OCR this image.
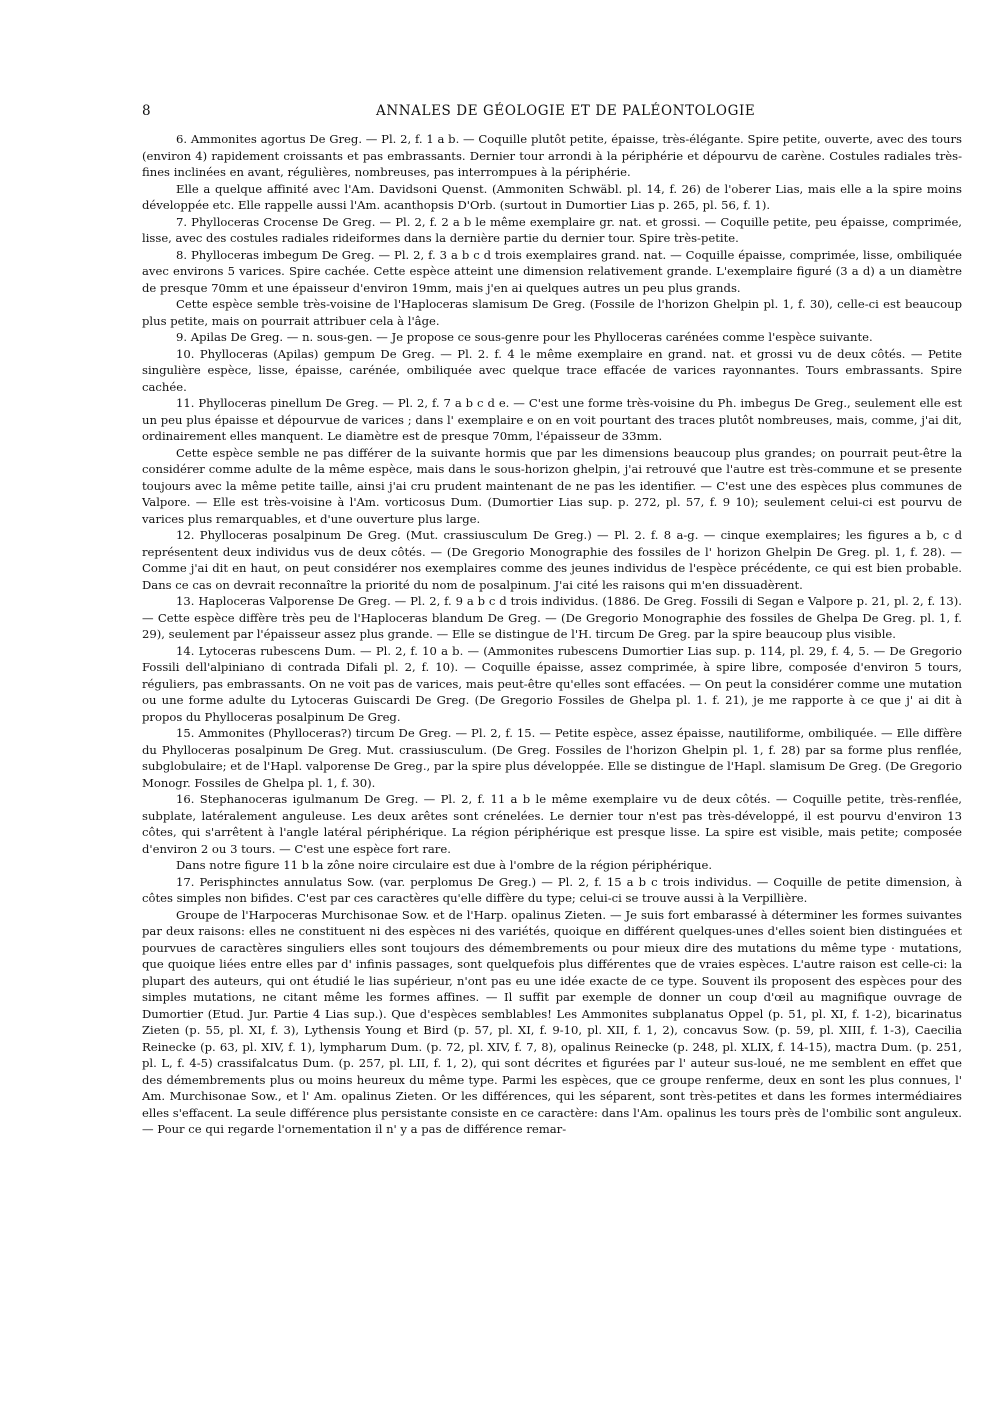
8	ANNALES DE GÉOLOGIE ET DE PALÉONTOLOGIE

6. Ammonites agortus De Greg. — Pl. 2, f. 1 a b. — Coquille plutôt petite, épaisse, très-élégante. Spire petite, ouverte, avec des tours (environ 4) rapidement croissants et pas embrassants. Dernier tour arrondi à la périphérie et dépourvu de carène. Costules radiales très-fines inclinées en avant, régulières, nombreuses, pas interrompues à la périphérie.

Elle a quelque affinité avec l'Am. Davidsoni Quenst. (Ammoniten Schwäbl. pl. 14, f. 26) de l'oberer Lias, mais elle a la spire moins développée etc. Elle rappelle aussi l'Am. acanthopsis D'Orb. (surtout in Dumortier Lias p. 265, pl. 56, f. 1).

7. Phylloceras Crocense De Greg. — Pl. 2, f. 2 a b le même exemplaire gr. nat. et grossi. — Coquille petite, peu épaisse, comprimée, lisse, avec des costules radiales rideiformes dans la dernière partie du dernier tour. Spire très-petite.

8. Phylloceras imbegum De Greg. — Pl. 2, f. 3 a b c d trois exemplaires grand. nat. — Coquille épaisse, comprimée, lisse, ombiliquée avec environs 5 varices. Spire cachée. Cette espèce atteint une dimension relativement grande. L'exemplaire figuré (3 a d) a un diamètre de presque 70mm et une épaisseur d'environ 19mm, mais j'en ai quelques autres un peu plus grands.

Cette espèce semble très-voisine de l'Haploceras slamisum De Greg. (Fossile de l'horizon Ghelpin pl. 1, f. 30), celle-ci est beaucoup plus petite, mais on pourrait attribuer cela à l'âge.

9. Apilas De Greg. — n. sous-gen. — Je propose ce sous-genre pour les Phylloceras carénées comme l'espèce suivante.

10. Phylloceras (Apilas) gempum De Greg. — Pl. 2. f. 4 le même exemplaire en grand. nat. et grossi vu de deux côtés. — Petite singulière espèce, lisse, épaisse, carénée, ombiliquée avec quelque trace effacée de varices rayonnantes. Tours embrassants. Spire cachée.

11. Phylloceras pinellum De Greg. — Pl. 2, f. 7 a b c d e. — C'est une forme très-voisine du Ph. imbegus De Greg., seulement elle est un peu plus épaisse et dépourvue de varices ; dans l' exemplaire e on en voit pourtant des traces plutôt nombreuses, mais, comme, j'ai dit, ordinairement elles manquent. Le diamètre est de presque 70mm, l'épaisseur de 33mm.

Cette espèce semble ne pas différer de la suivante hormis que par les dimensions beaucoup plus grandes; on pourrait peut-être la considérer comme adulte de la même espèce, mais dans le sous-horizon ghelpin, j'ai retrouvé que l'autre est très-commune et se presente toujours avec la même petite taille, ainsi j'ai cru prudent maintenant de ne pas les identifier. — C'est une des espèces plus communes de Valpore. — Elle est très-voisine à l'Am. vorticosus Dum. (Dumortier Lias sup. p. 272, pl. 57, f. 9 10); seulement celui-ci est pourvu de varices plus remarquables, et d'une ouverture plus large.

12. Phylloceras posalpinum De Greg. (Mut. crassiusculum De Greg.) — Pl. 2. f. 8 a-g. — cinque exemplaires; les figures a b, c d représentent deux individus vus de deux côtés. — (De Gregorio Monographie des fossiles de l' horizon Ghelpin De Greg. pl. 1, f. 28). — Comme j'ai dit en haut, on peut considérer nos exemplaires comme des jeunes individus de l'espèce précédente, ce qui est bien probable. Dans ce cas on devrait reconnaître la priorité du nom de posalpinum. J'ai cité les raisons qui m'en dissuadèrent.

13. Haploceras Valporense De Greg. — Pl. 2, f. 9 a b c d trois individus. (1886. De Greg. Fossili di Segan e Valpore p. 21, pl. 2, f. 13). — Cette espèce diffère très peu de l'Haploceras blandum De Greg. — (De Gregorio Monographie des fossiles de Ghelpa De Greg. pl. 1, f. 29), seulement par l'épaisseur assez plus grande. — Elle se distingue de l'H. tircum De Greg. par la spire beaucoup plus visible.

14. Lytoceras rubescens Dum. — Pl. 2, f. 10 a b. — (Ammonites rubescens Dumortier Lias sup. p. 114, pl. 29, f. 4, 5. — De Gregorio Fossili dell'alpiniano di contrada Difali pl. 2, f. 10). — Coquille épaisse, assez comprimée, à spire libre, composée d'environ 5 tours, réguliers, pas embrassants. On ne voit pas de varices, mais peut-être qu'elles sont effacées. — On peut la considérer comme une mutation ou une forme adulte du Lytoceras Guiscardi De Greg. (De Gregorio Fossiles de Ghelpa pl. 1. f. 21), je me rapporte à ce que j' ai dit à propos du Phylloceras posalpinum De Greg.

15. Ammonites (Phylloceras?) tircum De Greg. — Pl. 2, f. 15. — Petite espèce, assez épaisse, nautiliforme, ombiliquée. — Elle diffère du Phylloceras posalpinum De Greg. Mut. crassiusculum. (De Greg. Fossiles de l'horizon Ghelpin pl. 1, f. 28) par sa forme plus renflée, subglobulaire; et de l'Hapl. valporense De Greg., par la spire plus développée. Elle se distingue de l'Hapl. slamisum De Greg. (De Gregorio Monogr. Fossiles de Ghelpa pl. 1, f. 30).

16. Stephanoceras igulmanum De Greg. — Pl. 2, f. 11 a b le même exemplaire vu de deux côtés. — Coquille petite, très-renflée, subplate, latéralement anguleuse. Les deux arêtes sont crénelées. Le dernier tour n'est pas très-développé, il est pourvu d'environ 13 côtes, qui s'arrêtent à l'angle latéral périphérique. La région périphérique est presque lisse. La spire est visible, mais petite; composée d'environ 2 ou 3 tours. — C'est une espèce fort rare.

Dans notre figure 11 b la zône noire circulaire est due à l'ombre de la région périphérique.

17. Perisphinctes annulatus Sow. (var. perplomus De Greg.) — Pl. 2, f. 15 a b c trois individus. — Coquille de petite dimension, à côtes simples non bifides. C'est par ces caractères qu'elle diffère du type; celui-ci se trouve aussi à la Verpillière.

Groupe de l'Harpoceras Murchisonae Sow. et de l'Harp. opalinus Zieten. — Je suis fort embarassé à déterminer les formes suivantes par deux raisons: elles ne constituent ni des espèces ni des variétés, quoique en différent quelques-unes d'elles soient bien distinguées et pourvues de caractères singuliers elles sont toujours des démembrements ou pour mieux dire des mutations du même type · mutations, que quoique liées entre elles par d' infinis passages, sont quelquefois plus différentes que de vraies espèces. L'autre raison est celle-ci: la plupart des auteurs, qui ont étudié le lias supérieur, n'ont pas eu une idée exacte de ce type. Souvent ils proposent des espèces pour des simples mutations, ne citant même les formes affines. — Il suffit par exemple de donner un coup d'œil au magnifique ouvrage de Dumortier (Etud. Jur. Partie 4 Lias sup.). Que d'espèces semblables! Les Ammonites subplanatus Oppel (p. 51, pl. XI, f. 1-2), bicarinatus Zieten (p. 55, pl. XI, f. 3), Lythensis Young et Bird (p. 57, pl. XI, f. 9-10, pl. XII, f. 1, 2), concavus Sow. (p. 59, pl. XIII, f. 1-3), Caecilia Reinecke (p. 63, pl. XIV, f. 1), lympharum Dum. (p. 72, pl. XIV, f. 7, 8), opalinus Reinecke (p. 248, pl. XLIX, f. 14-15), mactra Dum. (p. 251, pl. L, f. 4-5) crassifalcatus Dum. (p. 257, pl. LII, f. 1, 2), qui sont décrites et figurées par l' auteur sus-loué, ne me semblent en effet que des démembrements plus ou moins heureux du même type. Parmi les espèces, que ce groupe renferme, deux en sont les plus connues, l' Am. Murchisonae Sow., et l' Am. opalinus Zieten. Or les différences, qui les séparent, sont très-petites et dans les formes intermédiaires elles s'effacent. La seule différence plus persistante consiste en ce caractère: dans l'Am. opalinus les tours près de l'ombilic sont anguleux. — Pour ce qui regarde l'ornementation il n' y a pas de différence remar-
